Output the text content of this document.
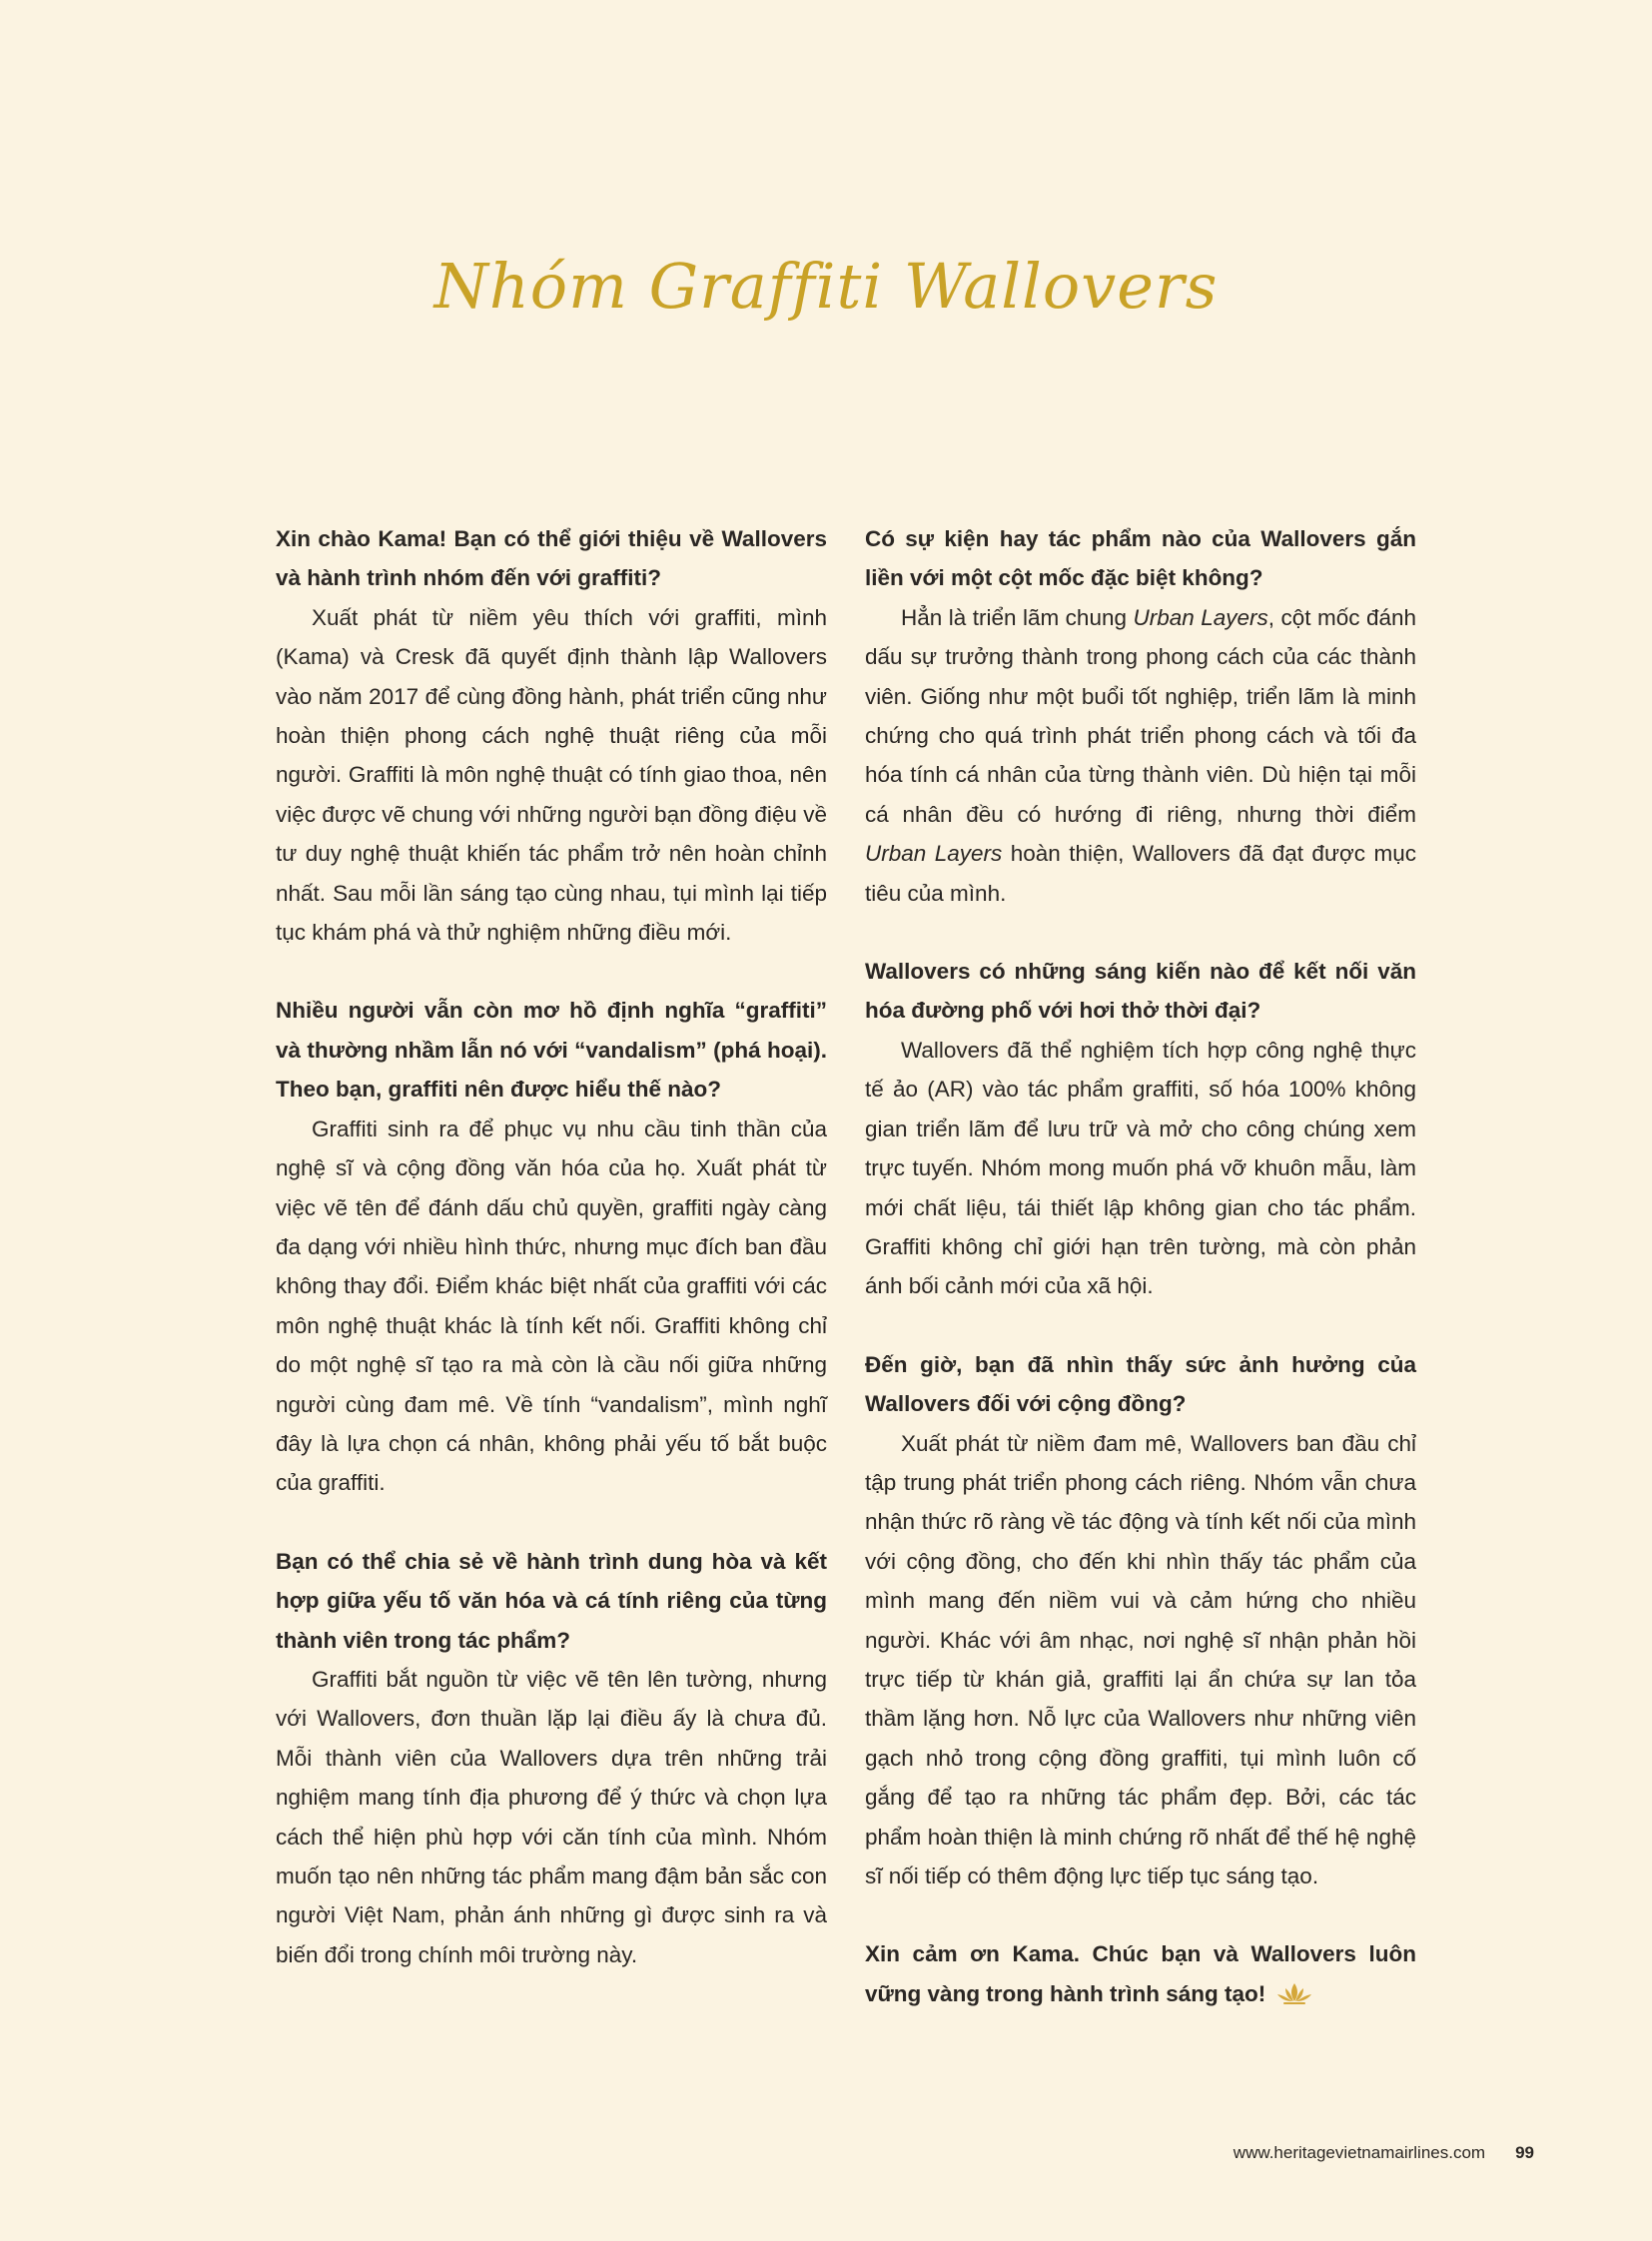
Nhóm Graffiti Wallovers

Xin chào Kama! Bạn có thể giới thiệu về Wallovers và hành trình nhóm đến với graffiti?

Xuất phát từ niềm yêu thích với graffiti, mình (Kama) và Cresk đã quyết định thành lập Wallovers vào năm 2017 để cùng đồng hành, phát triển cũng như hoàn thiện phong cách nghệ thuật riêng của mỗi người. Graffiti là môn nghệ thuật có tính giao thoa, nên việc được vẽ chung với những người bạn đồng điệu về tư duy nghệ thuật khiến tác phẩm trở nên hoàn chỉnh nhất. Sau mỗi lần sáng tạo cùng nhau, tụi mình lại tiếp tục khám phá và thử nghiệm những điều mới.

Nhiều người vẫn còn mơ hồ định nghĩa “graffiti” và thường nhầm lẫn nó với “vandalism” (phá hoại). Theo bạn, graffiti nên được hiểu thế nào?

Graffiti sinh ra để phục vụ nhu cầu tinh thần của nghệ sĩ và cộng đồng văn hóa của họ. Xuất phát từ việc vẽ tên để đánh dấu chủ quyền, graffiti ngày càng đa dạng với nhiều hình thức, nhưng mục đích ban đầu không thay đổi. Điểm khác biệt nhất của graffiti với các môn nghệ thuật khác là tính kết nối. Graffiti không chỉ do một nghệ sĩ tạo ra mà còn là cầu nối giữa những người cùng đam mê. Về tính “vandalism”, mình nghĩ đây là lựa chọn cá nhân, không phải yếu tố bắt buộc của graffiti.

Bạn có thể chia sẻ về hành trình dung hòa và kết hợp giữa yếu tố văn hóa và cá tính riêng của từng thành viên trong tác phẩm?

Graffiti bắt nguồn từ việc vẽ tên lên tường, nhưng với Wallovers, đơn thuần lặp lại điều ấy là chưa đủ. Mỗi thành viên của Wallovers dựa trên những trải nghiệm mang tính địa phương để ý thức và chọn lựa cách thể hiện phù hợp với căn tính của mình. Nhóm muốn tạo nên những tác phẩm mang đậm bản sắc con người Việt Nam, phản ánh những gì được sinh ra và biến đổi trong chính môi trường này.

Có sự kiện hay tác phẩm nào của Wallovers gắn liền với một cột mốc đặc biệt không?

Hẳn là triển lãm chung Urban Layers, cột mốc đánh dấu sự trưởng thành trong phong cách của các thành viên. Giống như một buổi tốt nghiệp, triển lãm là minh chứng cho quá trình phát triển phong cách và tối đa hóa tính cá nhân của từng thành viên. Dù hiện tại mỗi cá nhân đều có hướng đi riêng, nhưng thời điểm Urban Layers hoàn thiện, Wallovers đã đạt được mục tiêu của mình.

Wallovers có những sáng kiến nào để kết nối văn hóa đường phố với hơi thở thời đại?

Wallovers đã thể nghiệm tích hợp công nghệ thực tế ảo (AR) vào tác phẩm graffiti, số hóa 100% không gian triển lãm để lưu trữ và mở cho công chúng xem trực tuyến. Nhóm mong muốn phá vỡ khuôn mẫu, làm mới chất liệu, tái thiết lập không gian cho tác phẩm. Graffiti không chỉ giới hạn trên tường, mà còn phản ánh bối cảnh mới của xã hội.

Đến giờ, bạn đã nhìn thấy sức ảnh hưởng của Wallovers đối với cộng đồng?

Xuất phát từ niềm đam mê, Wallovers ban đầu chỉ tập trung phát triển phong cách riêng. Nhóm vẫn chưa nhận thức rõ ràng về tác động và tính kết nối của mình với cộng đồng, cho đến khi nhìn thấy tác phẩm của mình mang đến niềm vui và cảm hứng cho nhiều người. Khác với âm nhạc, nơi nghệ sĩ nhận phản hồi trực tiếp từ khán giả, graffiti lại ẩn chứa sự lan tỏa thầm lặng hơn. Nỗ lực của Wallovers như những viên gạch nhỏ trong cộng đồng graffiti, tụi mình luôn cố gắng để tạo ra những tác phẩm đẹp. Bởi, các tác phẩm hoàn thiện là minh chứng rõ nhất để thế hệ nghệ sĩ nối tiếp có thêm động lực tiếp tục sáng tạo.

Xin cảm ơn Kama. Chúc bạn và Wallovers luôn vững vàng trong hành trình sáng tạo!

www.heritagevietnamairlines.com 99
